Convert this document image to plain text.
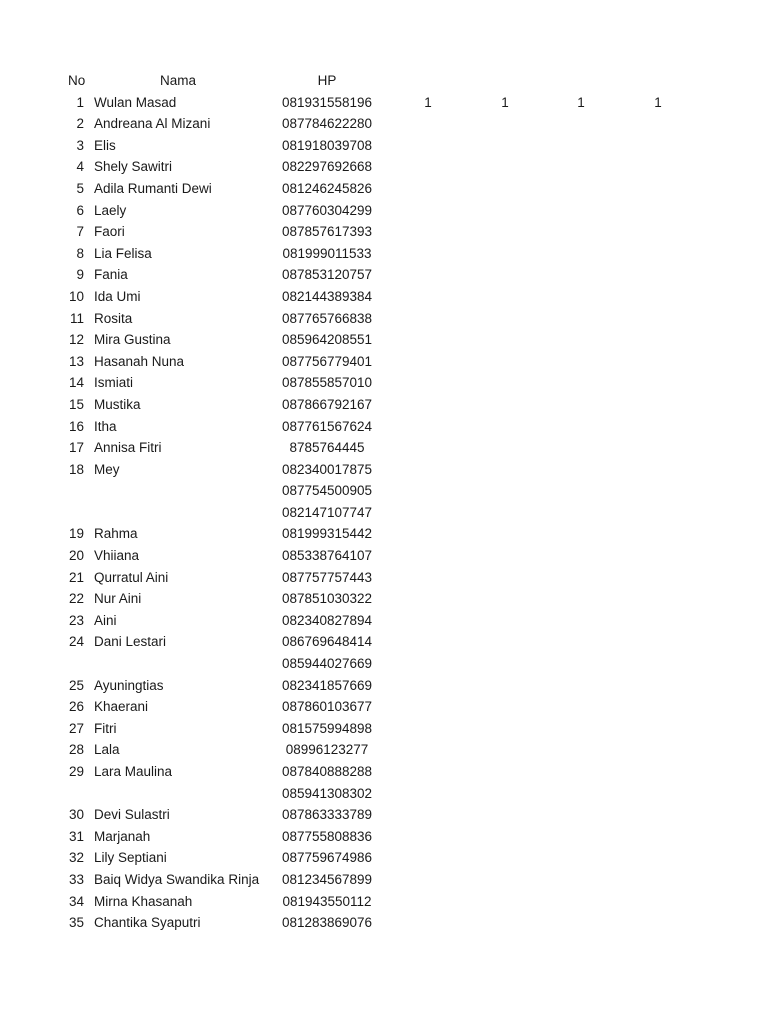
No	Nama	HP
1 Wulan Masad	081931558196	1	1	1	1
2 Andreana Al Mizani	087784622280
3 Elis	081918039708
4 Shely Sawitri	082297692668
5 Adila Rumanti Dewi	081246245826
6 Laely	087760304299
7 Faori	087857617393
8 Lia Felisa	081999011533
9 Fania	087853120757
10 Ida Umi	082144389384
11 Rosita	087765766838
12 Mira Gustina	085964208551
13 Hasanah Nuna	087756779401
14 Ismiati	087855857010
15 Mustika	087866792167
16 Itha	087761567624
17 Annisa Fitri	8785764445
18 Mey	082340017875
087754500905
082147107747
19 Rahma	081999315442
20 Vhiiana	085338764107
21 Qurratul Aini	087757757443
22 Nur Aini	087851030322
23 Aini	082340827894
24 Dani Lestari	086769648414
085944027669
25 Ayuningtias	082341857669
26 Khaerani	087860103677
27 Fitri	081575994898
28 Lala	08996123277
29 Lara Maulina	087840888288
085941308302
30 Devi Sulastri	087863333789
31 Marjanah	087755808836
32 Lily Septiani	087759674986
33 Baiq Widya Swandika Rinja	081234567899
34 Mirna Khasanah	081943550112
35 Chantika Syaputri	081283869076
